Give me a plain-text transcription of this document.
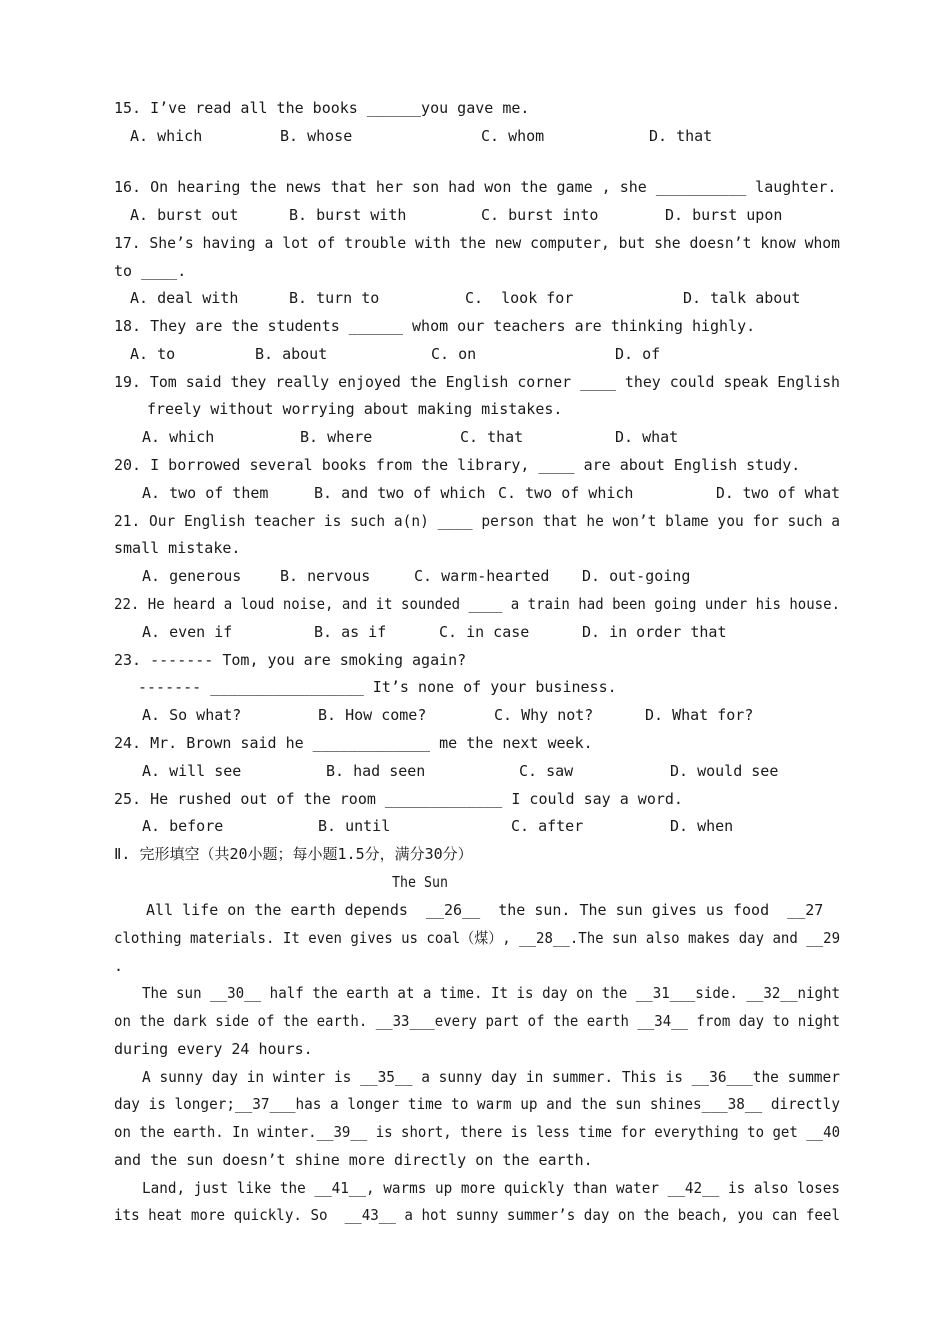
15. I’ve read all the books ______you gave me.
A. which	B. whose	C. whom	D. that
16. On hearing the news that her son had won the game , she __________ laughter.
A. burst out	B. burst with	C. burst into	D. burst upon
17. She’s having a lot of trouble with the new computer, but she doesn’t know whom
to ____.
A. deal with	B. turn to	C.  look for	D. talk about
18. They are the students ______ whom our teachers are thinking highly.
A. to	B. about	C. on	D. of
19. Tom said they really enjoyed the English corner ____ they could speak English
freely without worrying about making mistakes.
A. which	B. where	C. that	D. what
20. I borrowed several books from the library, ____ are about English study.
A. two of them	B. and two of which C. two of which	D. two of what
21. Our English teacher is such a(n) ____ person that he won’t blame you for such a
small mistake.
A. generous	B. nervous	C. warm-hearted D. out-going
22. He heard a loud noise, and it sounded ____ a train had been going under his house.
A. even if	B. as if	C. in case	D. in order that
23. ------- Tom, you are smoking again?
------- _________________ It’s none of your business.
A. So what?	B. How come?	C. Why not?	D. What for?
24. Mr. Brown said he _____________ me the next week.
A. will see	B. had seen	C. saw	D. would see
25. He rushed out of the room _____________ I could say a word.
A. before	B. until	C. after	D. when
Ⅱ. 完形填空（共20小题；每小题1.5分，满分30分）
The Sun
All life on the earth depends  __26__  the sun. The sun gives us food  __27
clothing materials. It even gives us coal（煤）, __28__.The sun also makes day and __29
.
The sun __30__ half the earth at a time. It is day on the __31___side. __32__night
on the dark side of the earth. __33___every part of the earth __34__ from day to night
during every 24 hours.
A sunny day in winter is __35__ a sunny day in summer. This is __36___the summer
day is longer;__37___has a longer time to warm up and the sun shines___38__ directly
on the earth. In winter.__39__ is short, there is less time for everything to get __40
and the sun doesn’t shine more directly on the earth.
Land, just like the __41__, warms up more quickly than water __42__ is also loses
its heat more quickly. So  __43__ a hot sunny summer’s day on the beach, you can feel
